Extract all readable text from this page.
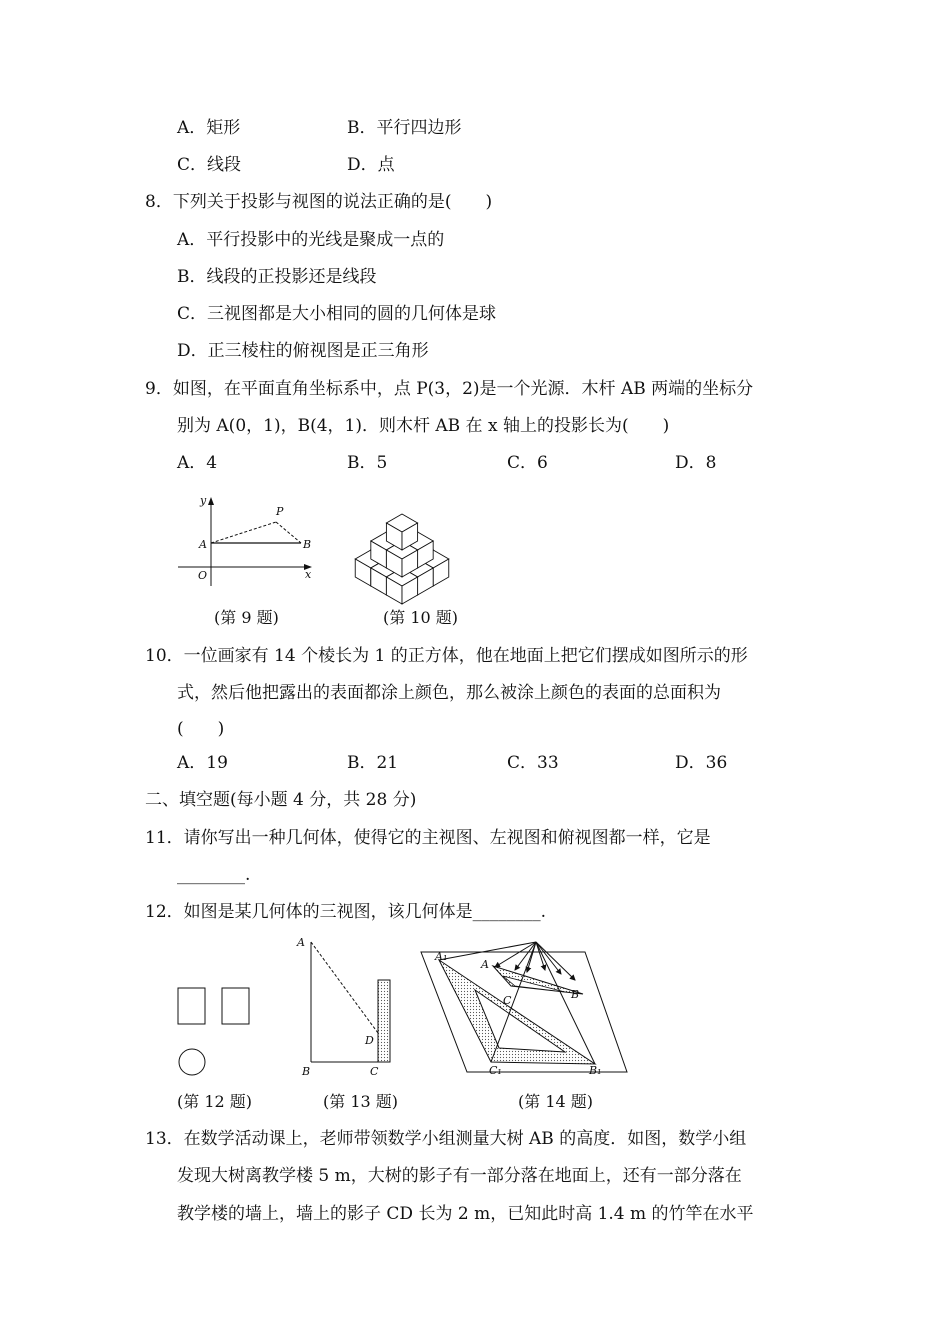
A．矩形	B．平行四边形
C．线段	D．点
8．下列关于投影与视图的说法正确的是(　　)
A．平行投影中的光线是聚成一点的
B．线段的正投影还是线段
C．三视图都是大小相同的圆的几何体是球
D．正三棱柱的俯视图是正三角形
9．如图，在平面直角坐标系中，点 P(3，2)是一个光源．木杆 AB 两端的坐标分
别为 A(0，1)，B(4，1)．则木杆 AB 在 x 轴上的投影长为(　　)
A．4	B．5	C．6	D．8
y
x
O
A	B
P
(第 9 题)	(第 10 题)
10．一位画家有 14 个棱长为 1 的正方体，他在地面上把它们摆成如图所示的形
式，然后他把露出的表面都涂上颜色，那么被涂上颜色的表面的总面积为
(　　)
A．19	B．21	C．33	D．36
二、填空题(每小题 4 分，共 28 分)
11．请你写出一种几何体，使得它的主视图、左视图和俯视图都一样，它是
________.
12．如图是某几何体的三视图，该几何体是________.
(第 12 题)
A
B	C
D
(第 13 题)
A
B
C
A₁
B₁
C₁
(第 14 题)
13．在数学活动课上，老师带领数学小组测量大树 AB 的高度．如图，数学小组
发现大树离教学楼 5 m，大树的影子有一部分落在地面上，还有一部分落在
教学楼的墙上，墙上的影子 CD 长为 2 m，已知此时高 1.4 m 的竹竿在水平
